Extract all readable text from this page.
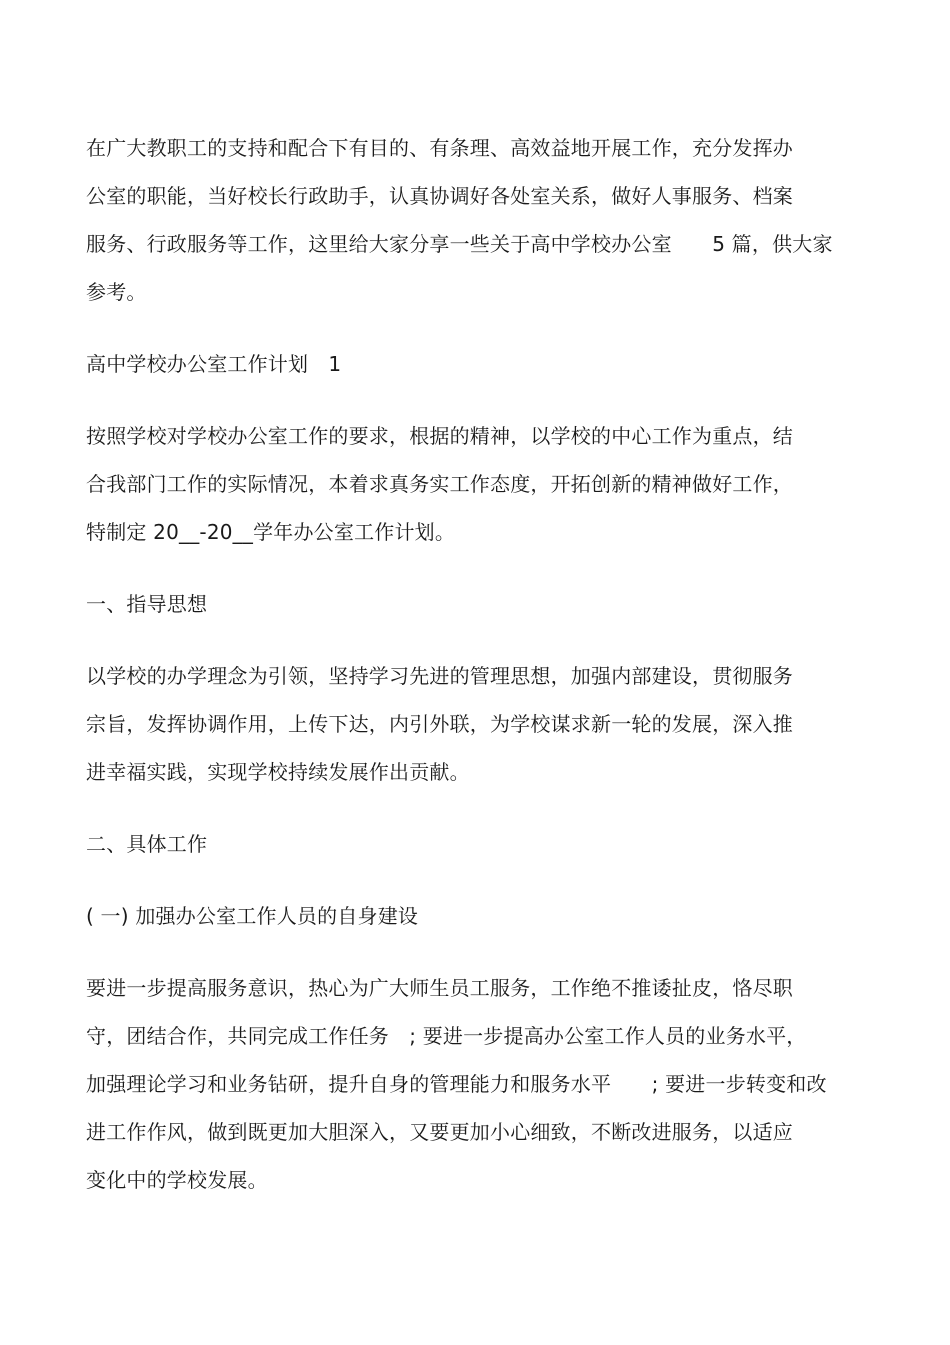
在广大教职工的支持和配合下有目的、有条理、高效益地开展工作，充分发挥办
公室的职能，当好校长行政助手，认真协调好各处室关系，做好人事服务、档案
服务、行政服务等工作，这里给大家分享一些关于高中学校办公室　　5 篇，供大家
参考。
高中学校办公室工作计划　1
按照学校对学校办公室工作的要求，根据的精神，以学校的中心工作为重点，结
合我部门工作的实际情况，本着求真务实工作态度，开拓创新的精神做好工作，
特制定 20__-20__学年办公室工作计划。
一、指导思想
以学校的办学理念为引领，坚持学习先进的管理思想，加强内部建设，贯彻服务
宗旨，发挥协调作用，上传下达，内引外联，为学校谋求新一轮的发展，深入推
进幸福实践，实现学校持续发展作出贡献。
二、具体工作
( 一) 加强办公室工作人员的自身建设
要进一步提高服务意识，热心为广大师生员工服务，工作绝不推诿扯皮，恪尽职
守，团结合作，共同完成工作任务　; 要进一步提高办公室工作人员的业务水平，
加强理论学习和业务钻研，提升自身的管理能力和服务水平　　; 要进一步转变和改
进工作作风，做到既更加大胆深入，又要更加小心细致，不断改进服务，以适应
变化中的学校发展。
